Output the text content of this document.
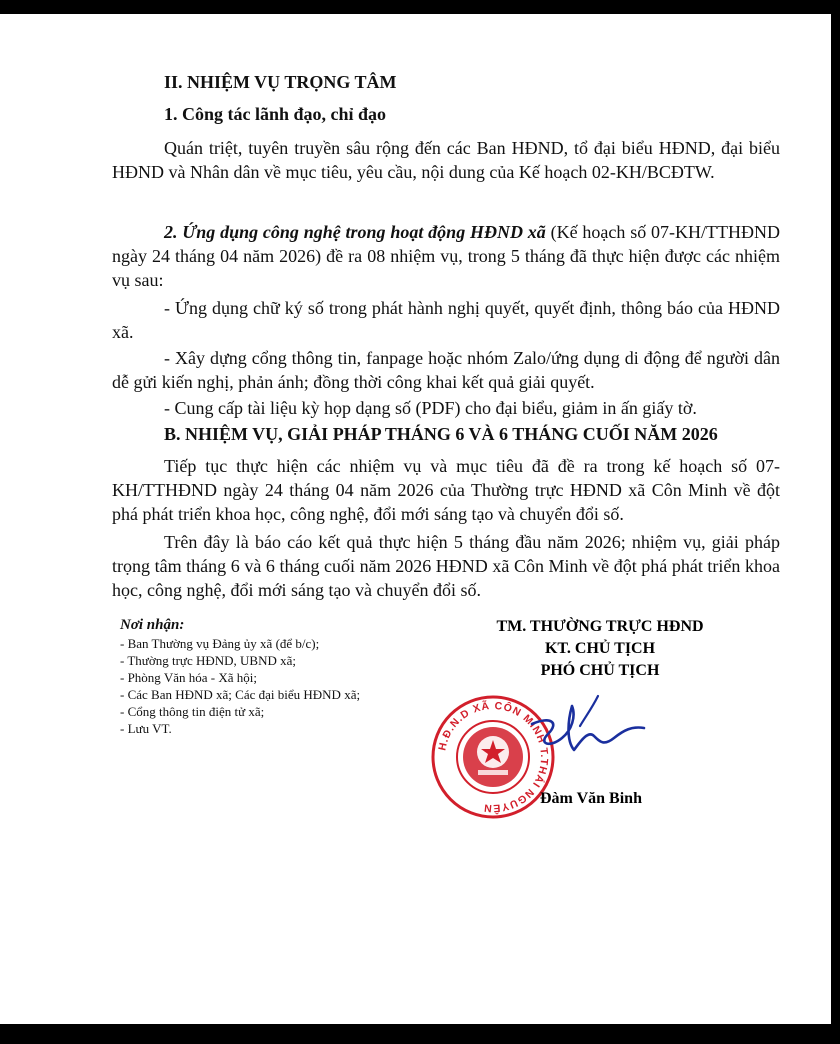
II. NHIỆM VỤ TRỌNG TÂM
1. Công tác lãnh đạo, chỉ đạo
Quán triệt, tuyên truyền sâu rộng đến các Ban HĐND, tổ đại biểu HĐND, đại biểu HĐND và Nhân dân về mục tiêu, yêu cầu, nội dung của Kế hoạch 02-KH/BCĐTW.
2. Ứng dụng công nghệ trong hoạt động HĐND xã (Kế hoạch số 07-KH/TTHĐND ngày 24 tháng 04 năm 2026) đề ra 08 nhiệm vụ, trong 5 tháng đã thực hiện được các nhiệm vụ sau:
- Ứng dụng chữ ký số trong phát hành nghị quyết, quyết định, thông báo của HĐND xã.
- Xây dựng cổng thông tin, fanpage hoặc nhóm Zalo/ứng dụng di động để người dân dễ gửi kiến nghị, phản ánh; đồng thời công khai kết quả giải quyết.
- Cung cấp tài liệu kỳ họp dạng số (PDF) cho đại biểu, giảm in ấn giấy tờ.
B. NHIỆM VỤ, GIẢI PHÁP THÁNG 6 VÀ 6 THÁNG CUỐI NĂM 2026
Tiếp tục thực hiện các nhiệm vụ và mục tiêu đã đề ra trong kế hoạch số 07-KH/TTHĐND ngày 24 tháng 04 năm 2026 của Thường trực HĐND xã Côn Minh về đột phá phát triển khoa học, công nghệ, đổi mới sáng tạo và chuyển đổi số.
Trên đây là báo cáo kết quả thực hiện 5 tháng đầu năm 2026; nhiệm vụ, giải pháp trọng tâm tháng 6 và 6 tháng cuối năm 2026 HĐND xã Côn Minh về đột phá phát triển khoa học, công nghệ, đổi mới sáng tạo và chuyển đổi số.
Nơi nhận:
- Ban Thường vụ Đảng ủy xã (để b/c);
- Thường trực HĐND, UBND xã;
- Phòng Văn hóa - Xã hội;
- Các Ban HĐND xã; Các đại biểu HĐND xã;
- Cổng thông tin điện tử xã;
- Lưu VT.
TM. THƯỜNG TRỰC HĐND
KT. CHỦ TỊCH
PHÓ CHỦ TỊCH
H.Đ.N.D XÃ CÔN MINH T.THÁI NGUYÊN
Đàm Văn Binh
